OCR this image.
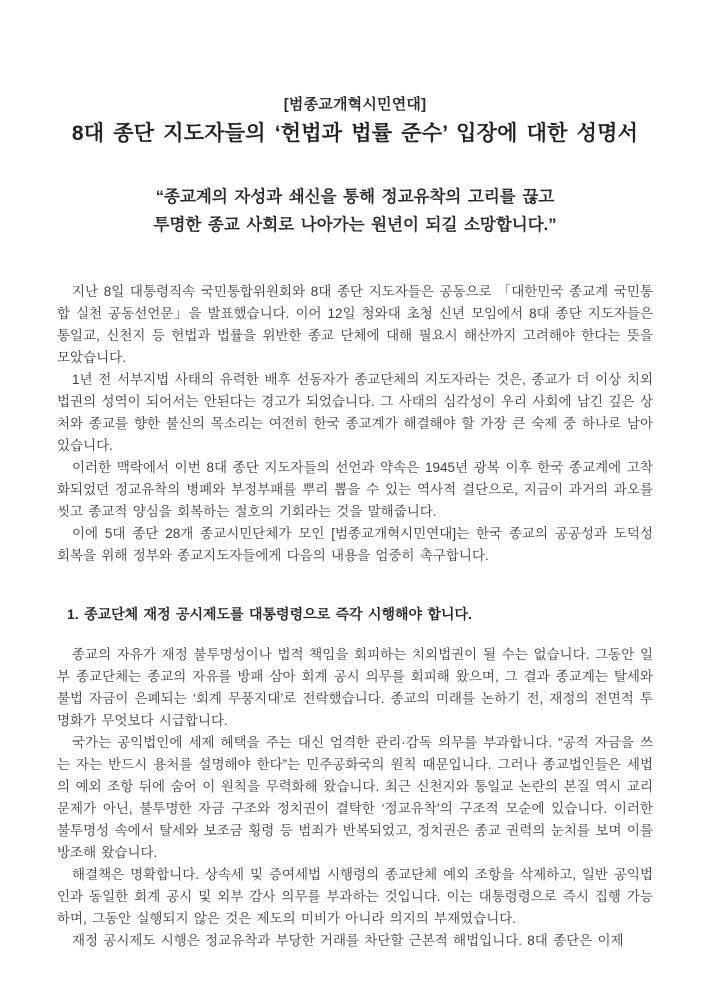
[범종교개혁시민연대]
8대 종단 지도자들의 ‘헌법과 법률 준수’ 입장에 대한 성명서
“종교계의 자성과 쇄신을 통해 정교유착의 고리를 끊고
투명한 종교 사회로 나아가는 원년이 되길 소망합니다.”

지난 8일 대통령직속 국민통합위원회와 8대 종단 지도자들은 공동으로 「대한민국 종교계 국민통합 실천 공동선언문」을 발표했습니다. 이어 12일 청와대 초청 신년 모임에서 8대 종단 지도자들은 통일교, 신천지 등 헌법과 법률을 위반한 종교 단체에 대해 필요시 해산까지 고려해야 한다는 뜻을 모았습니다.

1년 전 서부지법 사태의 유력한 배후 선동자가 종교단체의 지도자라는 것은, 종교가 더 이상 치외법권의 성역이 되어서는 안된다는 경고가 되었습니다. 그 사태의 심각성이 우리 사회에 남긴 깊은 상처와 종교를 향한 불신의 목소리는 여전히 한국 종교계가 해결해야 할 가장 큰 숙제 중 하나로 남아 있습니다.

이러한 맥락에서 이번 8대 종단 지도자들의 선언과 약속은 1945년 광복 이후 한국 종교계에 고착화되었던 정교유착의 병폐와 부정부패를 뿌리 뽑을 수 있는 역사적 결단으로, 지금이 과거의 과오를 씻고 종교적 양심을 회복하는 절호의 기회라는 것을 말해줍니다.

이에 5대 종단 28개 종교시민단체가 모인 [범종교개혁시민연대]는 한국 종교의 공공성과 도덕성 회복을 위해 정부와 종교지도자들에게 다음의 내용을 엄중히 촉구합니다.

1. 종교단체 재정 공시제도를 대통령령으로 즉각 시행해야 합니다.

종교의 자유가 재정 불투명성이나 법적 책임을 회피하는 치외법권이 될 수는 없습니다. 그동안 일부 종교단체는 종교의 자유를 방패 삼아 회계 공시 의무를 회피해 왔으며, 그 결과 종교계는 탈세와 불법 자금이 은폐되는 ‘회계 무풍지대’로 전락했습니다. 종교의 미래를 논하기 전, 재정의 전면적 투명화가 무엇보다 시급합니다.

국가는 공익법인에 세제 혜택을 주는 대신 엄격한 관리·감독 의무를 부과합니다. “공적 자금을 쓰는 자는 반드시 용처를 설명해야 한다”는 민주공화국의 원칙 때문입니다. 그러나 종교법인들은 세법의 예외 조항 뒤에 숨어 이 원칙을 무력화해 왔습니다. 최근 신천지와 통일교 논란의 본질 역시 교리 문제가 아닌, 불투명한 자금 구조와 정치권이 결탁한 ‘정교유착’의 구조적 모순에 있습니다. 이러한 불투명성 속에서 탈세와 보조금 횡령 등 범죄가 반복되었고, 정치권은 종교 권력의 눈치를 보며 이를 방조해 왔습니다.

해결책은 명확합니다. 상속세 및 증여세법 시행령의 종교단체 예외 조항을 삭제하고, 일반 공익법인과 동일한 회계 공시 및 외부 감사 의무를 부과하는 것입니다. 이는 대통령령으로 즉시 집행 가능하며, 그동안 실행되지 않은 것은 제도의 미비가 아니라 의지의 부재였습니다.

재정 공시제도 시행은 정교유착과 부당한 거래를 차단할 근본적 해법입니다. 8대 종단은 이제
